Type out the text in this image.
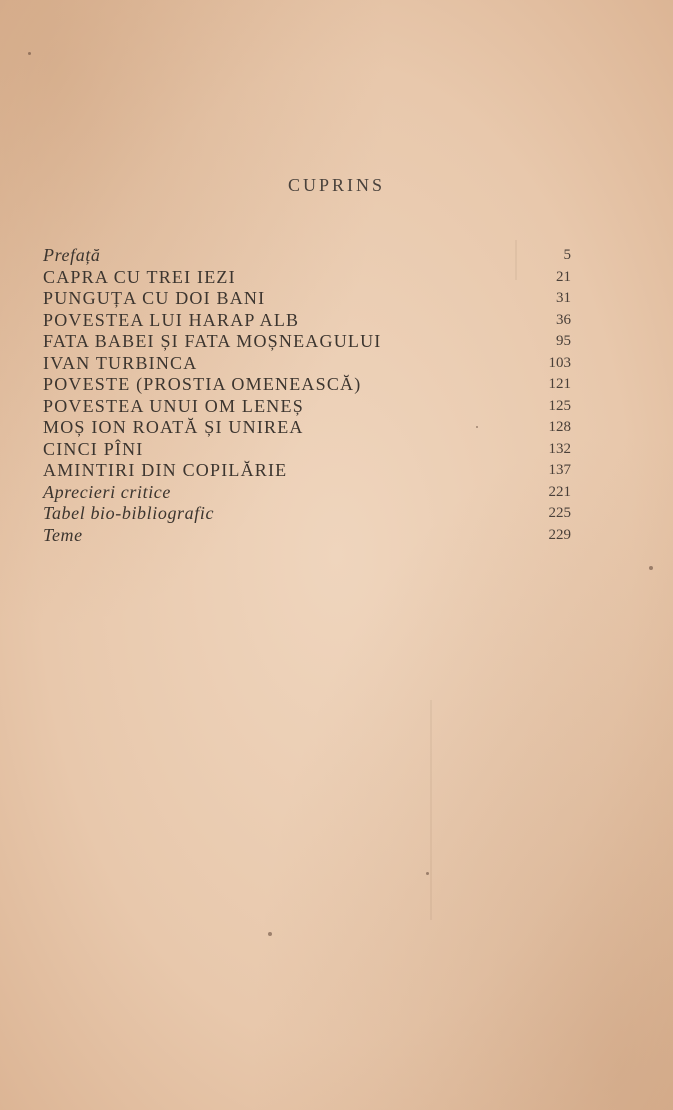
CUPRINS
Prefață	5
CAPRA CU TREI IEZI	21
PUNGUȚA CU DOI BANI	31
POVESTEA LUI HARAP ALB	36
FATA BABEI ȘI FATA MOȘNEAGULUI	95
IVAN TURBINCA	103
POVESTE (PROSTIA OMENEASCĂ)	121
POVESTEA UNUI OM LENEȘ	125
MOȘ ION ROATĂ ȘI UNIREA	128
CINCI PÎNI	132
AMINTIRI DIN COPILĂRIE	137
Aprecieri critice	221
Tabel bio-bibliografic	225
Teme	229
